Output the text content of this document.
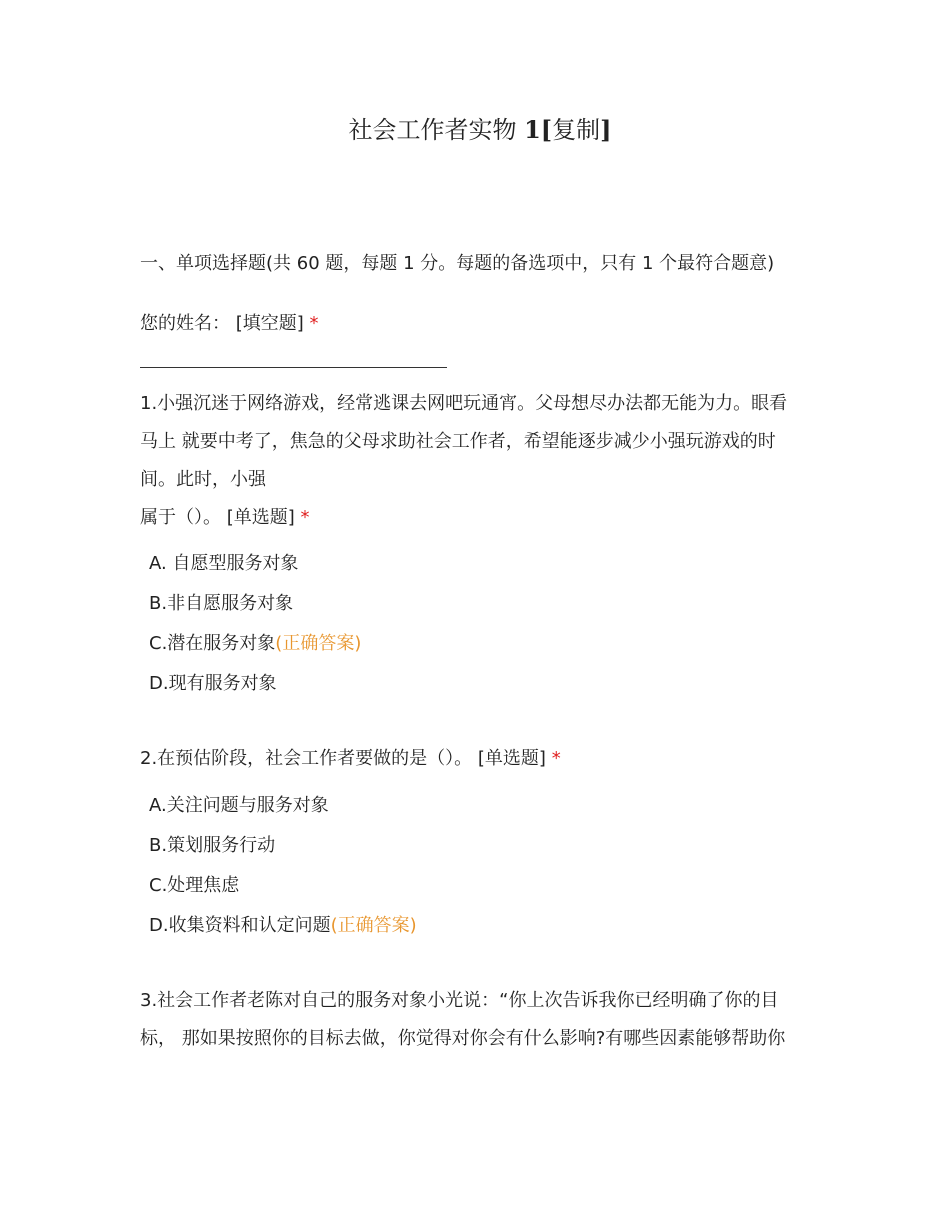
社会工作者实物 1[复制]
一、单项选择题(共 60 题，每题 1 分。每题的备选项中，只有 1 个最符合题意)
您的姓名： [填空题] *
1.小强沉迷于网络游戏，经常逃课去网吧玩通宵。父母想尽办法都无能为力。眼看
马上 就要中考了，焦急的父母求助社会工作者，希望能逐步减少小强玩游戏的时
间。此时，小强
属于（）。 [单选题] *
A. 自愿型服务对象
B.非自愿服务对象
C.潜在服务对象(正确答案)
D.现有服务对象
2.在预估阶段，社会工作者要做的是（）。 [单选题] *
A.关注问题与服务对象
B.策划服务行动
C.处理焦虑
D.收集资料和认定问题(正确答案)
3.社会工作者老陈对自己的服务对象小光说：“你上次告诉我你已经明确了你的目
标， 那如果按照你的目标去做，你觉得对你会有什么影响?有哪些因素能够帮助你
